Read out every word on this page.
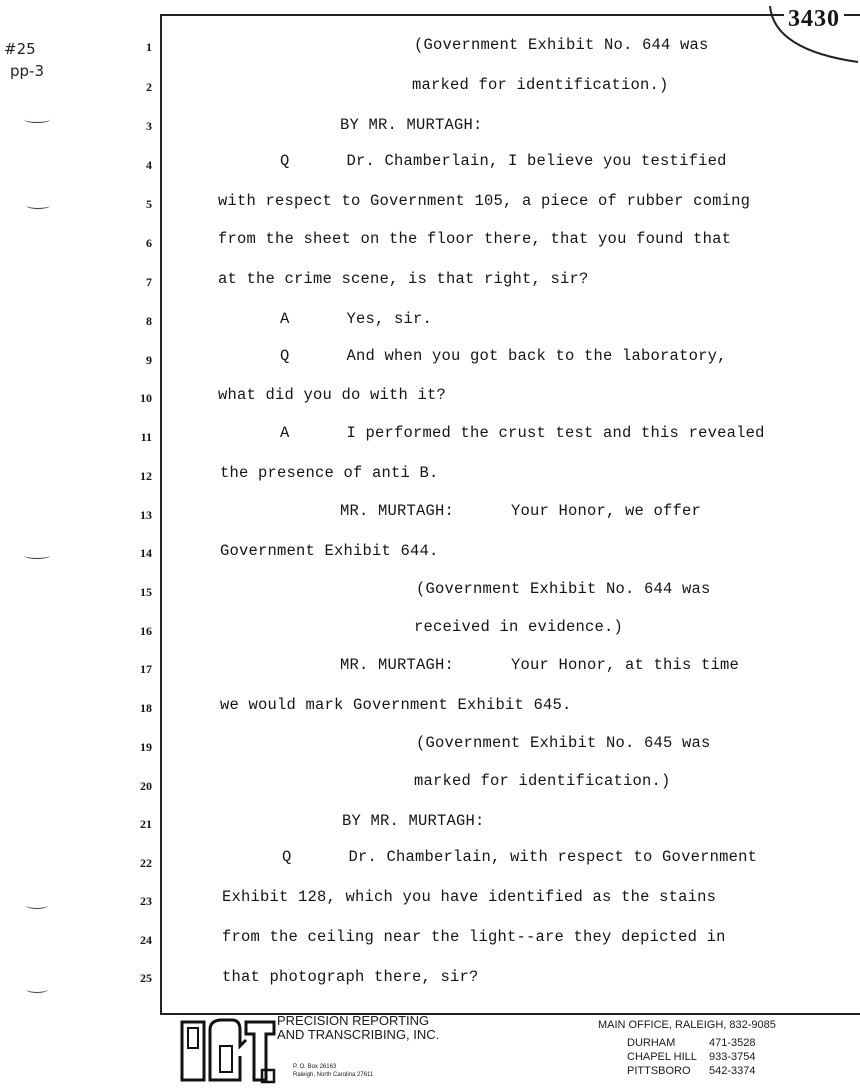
#25
pp-3
3430
1
2
3
4
5
6
7
8
9
10
11
12
13
14
15
16
17
18
19
20
21
22
23
24
25
(Government Exhibit No. 644 was
marked for identification.)
BY MR. MURTAGH:
Q      Dr. Chamberlain, I believe you testified
with respect to Government 105, a piece of rubber coming
from the sheet on the floor there, that you found that
at the crime scene, is that right, sir?
A      Yes, sir.
Q      And when you got back to the laboratory,
what did you do with it?
A      I performed the crust test and this revealed
the presence of anti B.
MR. MURTAGH:      Your Honor, we offer
Government Exhibit 644.
(Government Exhibit No. 644 was
received in evidence.)
MR. MURTAGH:      Your Honor, at this time
we would mark Government Exhibit 645.
(Government Exhibit No. 645 was
marked for identification.)
BY MR. MURTAGH:
Q      Dr. Chamberlain, with respect to Government
Exhibit 128, which you have identified as the stains
from the ceiling near the light--are they depicted in
that photograph there, sir?
P&T
PRECISION REPORTING
AND TRANSCRIBING, INC.
P. O. Box 26163
Raleigh, North Carolina 27611
MAIN OFFICE, RALEIGH, 832-9085
DURHAM	471-3528
CHAPEL HILL 933-3754
PITTSBORO 542-3374
